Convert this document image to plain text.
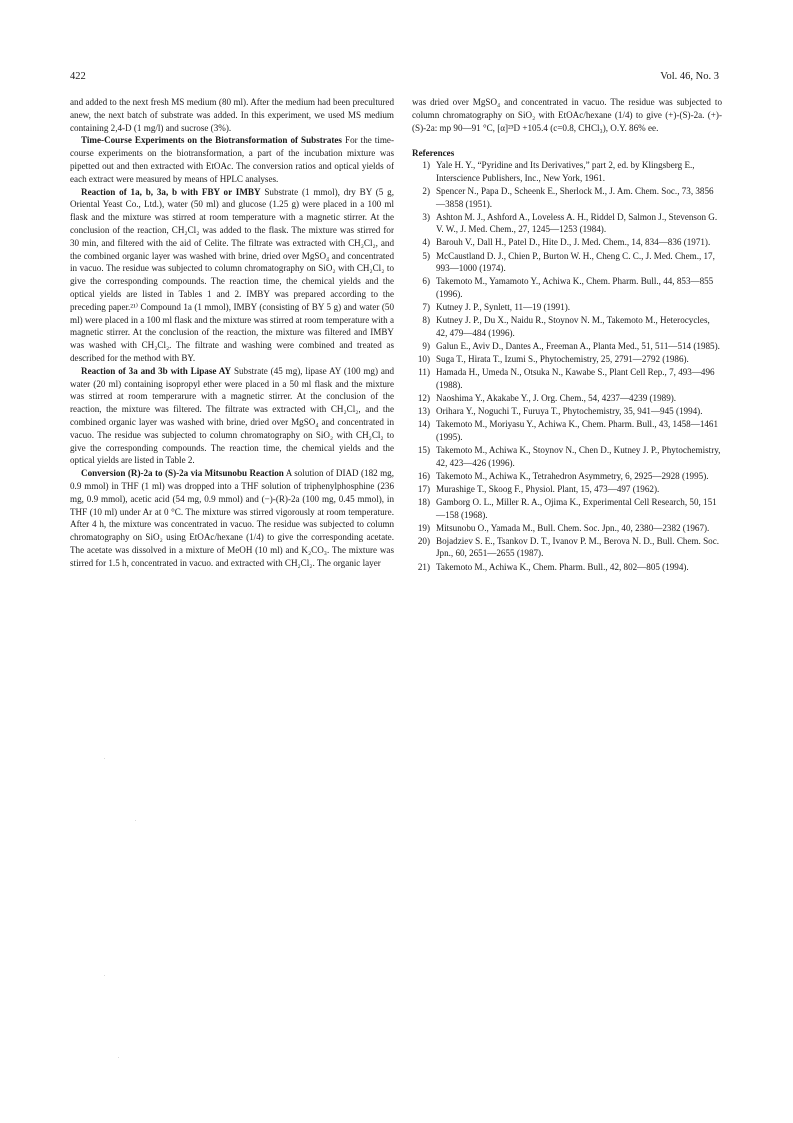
422	Vol. 46, No. 3

and added to the next fresh MS medium (80 ml). After the medium had been precultured anew, the next batch of substrate was added. In this experiment, we used MS medium containing 2,4-D (1 mg/l) and sucrose (3%).

Time-Course Experiments on the Biotransformation of Substrates For the time-course experiments on the biotransformation, a part of the incubation mixture was pipetted out and then extracted with EtOAc. The conversion ratios and optical yields of each extract were measured by means of HPLC analyses.

Reaction of 1a, b, 3a, b with FBY or IMBY Substrate (1 mmol), dry BY (5 g, Oriental Yeast Co., Ltd.), water (50 ml) and glucose (1.25 g) were placed in a 100 ml flask and the mixture was stirred at room temperature with a magnetic stirrer. At the conclusion of the reaction, CH₂Cl₂ was added to the flask. The mixture was stirred for 30 min, and filtered with the aid of Celite. The filtrate was extracted with CH₂Cl₂, and the combined organic layer was washed with brine, dried over MgSO₄ and concentrated in vacuo. The residue was subjected to column chromatography on SiO₂ with CH₂Cl₂ to give the corresponding compounds. The reaction time, the chemical yields and the optical yields are listed in Tables 1 and 2. IMBY was prepared according to the preceding paper.²¹⁾ Compound 1a (1 mmol), IMBY (consisting of BY 5 g) and water (50 ml) were placed in a 100 ml flask and the mixture was stirred at room temperature with a magnetic stirrer. At the conclusion of the reaction, the mixture was filtered and IMBY was washed with CH₂Cl₂. The filtrate and washing were combined and treated as described for the method with BY.

Reaction of 3a and 3b with Lipase AY Substrate (45 mg), lipase AY (100 mg) and water (20 ml) containing isopropyl ether were placed in a 50 ml flask and the mixture was stirred at room temperarure with a magnetic stirrer. At the conclusion of the reaction, the mixture was filtered. The filtrate was extracted with CH₂Cl₂, and the combined organic layer was washed with brine, dried over MgSO₄ and concentrated in vacuo. The residue was subjected to column chromatography on SiO₂ with CH₂Cl₂ to give the corresponding compounds. The reaction time, the chemical yields and the optical yields are listed in Table 2.

Conversion (R)-2a to (S)-2a via Mitsunobu Reaction A solution of DIAD (182 mg, 0.9 mmol) in THF (1 ml) was dropped into a THF solution of triphenylphosphine (236 mg, 0.9 mmol), acetic acid (54 mg, 0.9 mmol) and (−)-(R)-2a (100 mg, 0.45 mmol), in THF (10 ml) under Ar at 0 °C. The mixture was stirred vigorously at room temperature. After 4 h, the mixture was concentrated in vacuo. The residue was subjected to column chromatography on SiO₂ using EtOAc/hexane (1/4) to give the corresponding acetate. The acetate was dissolved in a mixture of MeOH (10 ml) and K₂CO₃. The mixture was stirred for 1.5 h, concentrated in vacuo. and extracted with CH₂Cl₂. The organic layer

was dried over MgSO₄ and concentrated in vacuo. The residue was subjected to column chromatography on SiO₂ with EtOAc/hexane (1/4) to give (+)-(S)-2a. (+)-(S)-2a: mp 90—91 °C, [α]²³D +105.4 (c=0.8, CHCl₃), O.Y. 86% ee.

References
1) Yale H. Y., “Pyridine and Its Derivatives,” part 2, ed. by Klingsberg E., Interscience Publishers, Inc., New York, 1961.
2) Spencer N., Papa D., Scheenk E., Sherlock M., J. Am. Chem. Soc., 73, 3856—3858 (1951).
3) Ashton M. J., Ashford A., Loveless A. H., Riddel D, Salmon J., Stevenson G. V. W., J. Med. Chem., 27, 1245—1253 (1984).
4) Barouh V., Dall H., Patel D., Hite D., J. Med. Chem., 14, 834—836 (1971).
5) McCaustland D. J., Chien P., Burton W. H., Cheng C. C., J. Med. Chem., 17, 993—1000 (1974).
6) Takemoto M., Yamamoto Y., Achiwa K., Chem. Pharm. Bull., 44, 853—855 (1996).
7) Kutney J. P., Synlett, 11—19 (1991).
8) Kutney J. P., Du X., Naidu R., Stoynov N. M., Takemoto M., Heterocycles, 42, 479—484 (1996).
9) Galun E., Aviv D., Dantes A., Freeman A., Planta Med., 51, 511—514 (1985).
10) Suga T., Hirata T., Izumi S., Phytochemistry, 25, 2791—2792 (1986).
11) Hamada H., Umeda N., Otsuka N., Kawabe S., Plant Cell Rep., 7, 493—496 (1988).
12) Naoshima Y., Akakabe Y., J. Org. Chem., 54, 4237—4239 (1989).
13) Orihara Y., Noguchi T., Furuya T., Phytochemistry, 35, 941—945 (1994).
14) Takemoto M., Moriyasu Y., Achiwa K., Chem. Pharm. Bull., 43, 1458—1461 (1995).
15) Takemoto M., Achiwa K., Stoynov N., Chen D., Kutney J. P., Phytochemistry, 42, 423—426 (1996).
16) Takemoto M., Achiwa K., Tetrahedron Asymmetry, 6, 2925—2928 (1995).
17) Murashige T., Skoog F., Physiol. Plant, 15, 473—497 (1962).
18) Gamborg O. L., Miller R. A., Ojima K., Experimental Cell Research, 50, 151—158 (1968).
19) Mitsunobu O., Yamada M., Bull. Chem. Soc. Jpn., 40, 2380—2382 (1967).
20) Bojadziev S. E., Tsankov D. T., Ivanov P. M., Berova N. D., Bull. Chem. Soc. Jpn., 60, 2651—2655 (1987).
21) Takemoto M., Achiwa K., Chem. Pharm. Bull., 42, 802—805 (1994).
